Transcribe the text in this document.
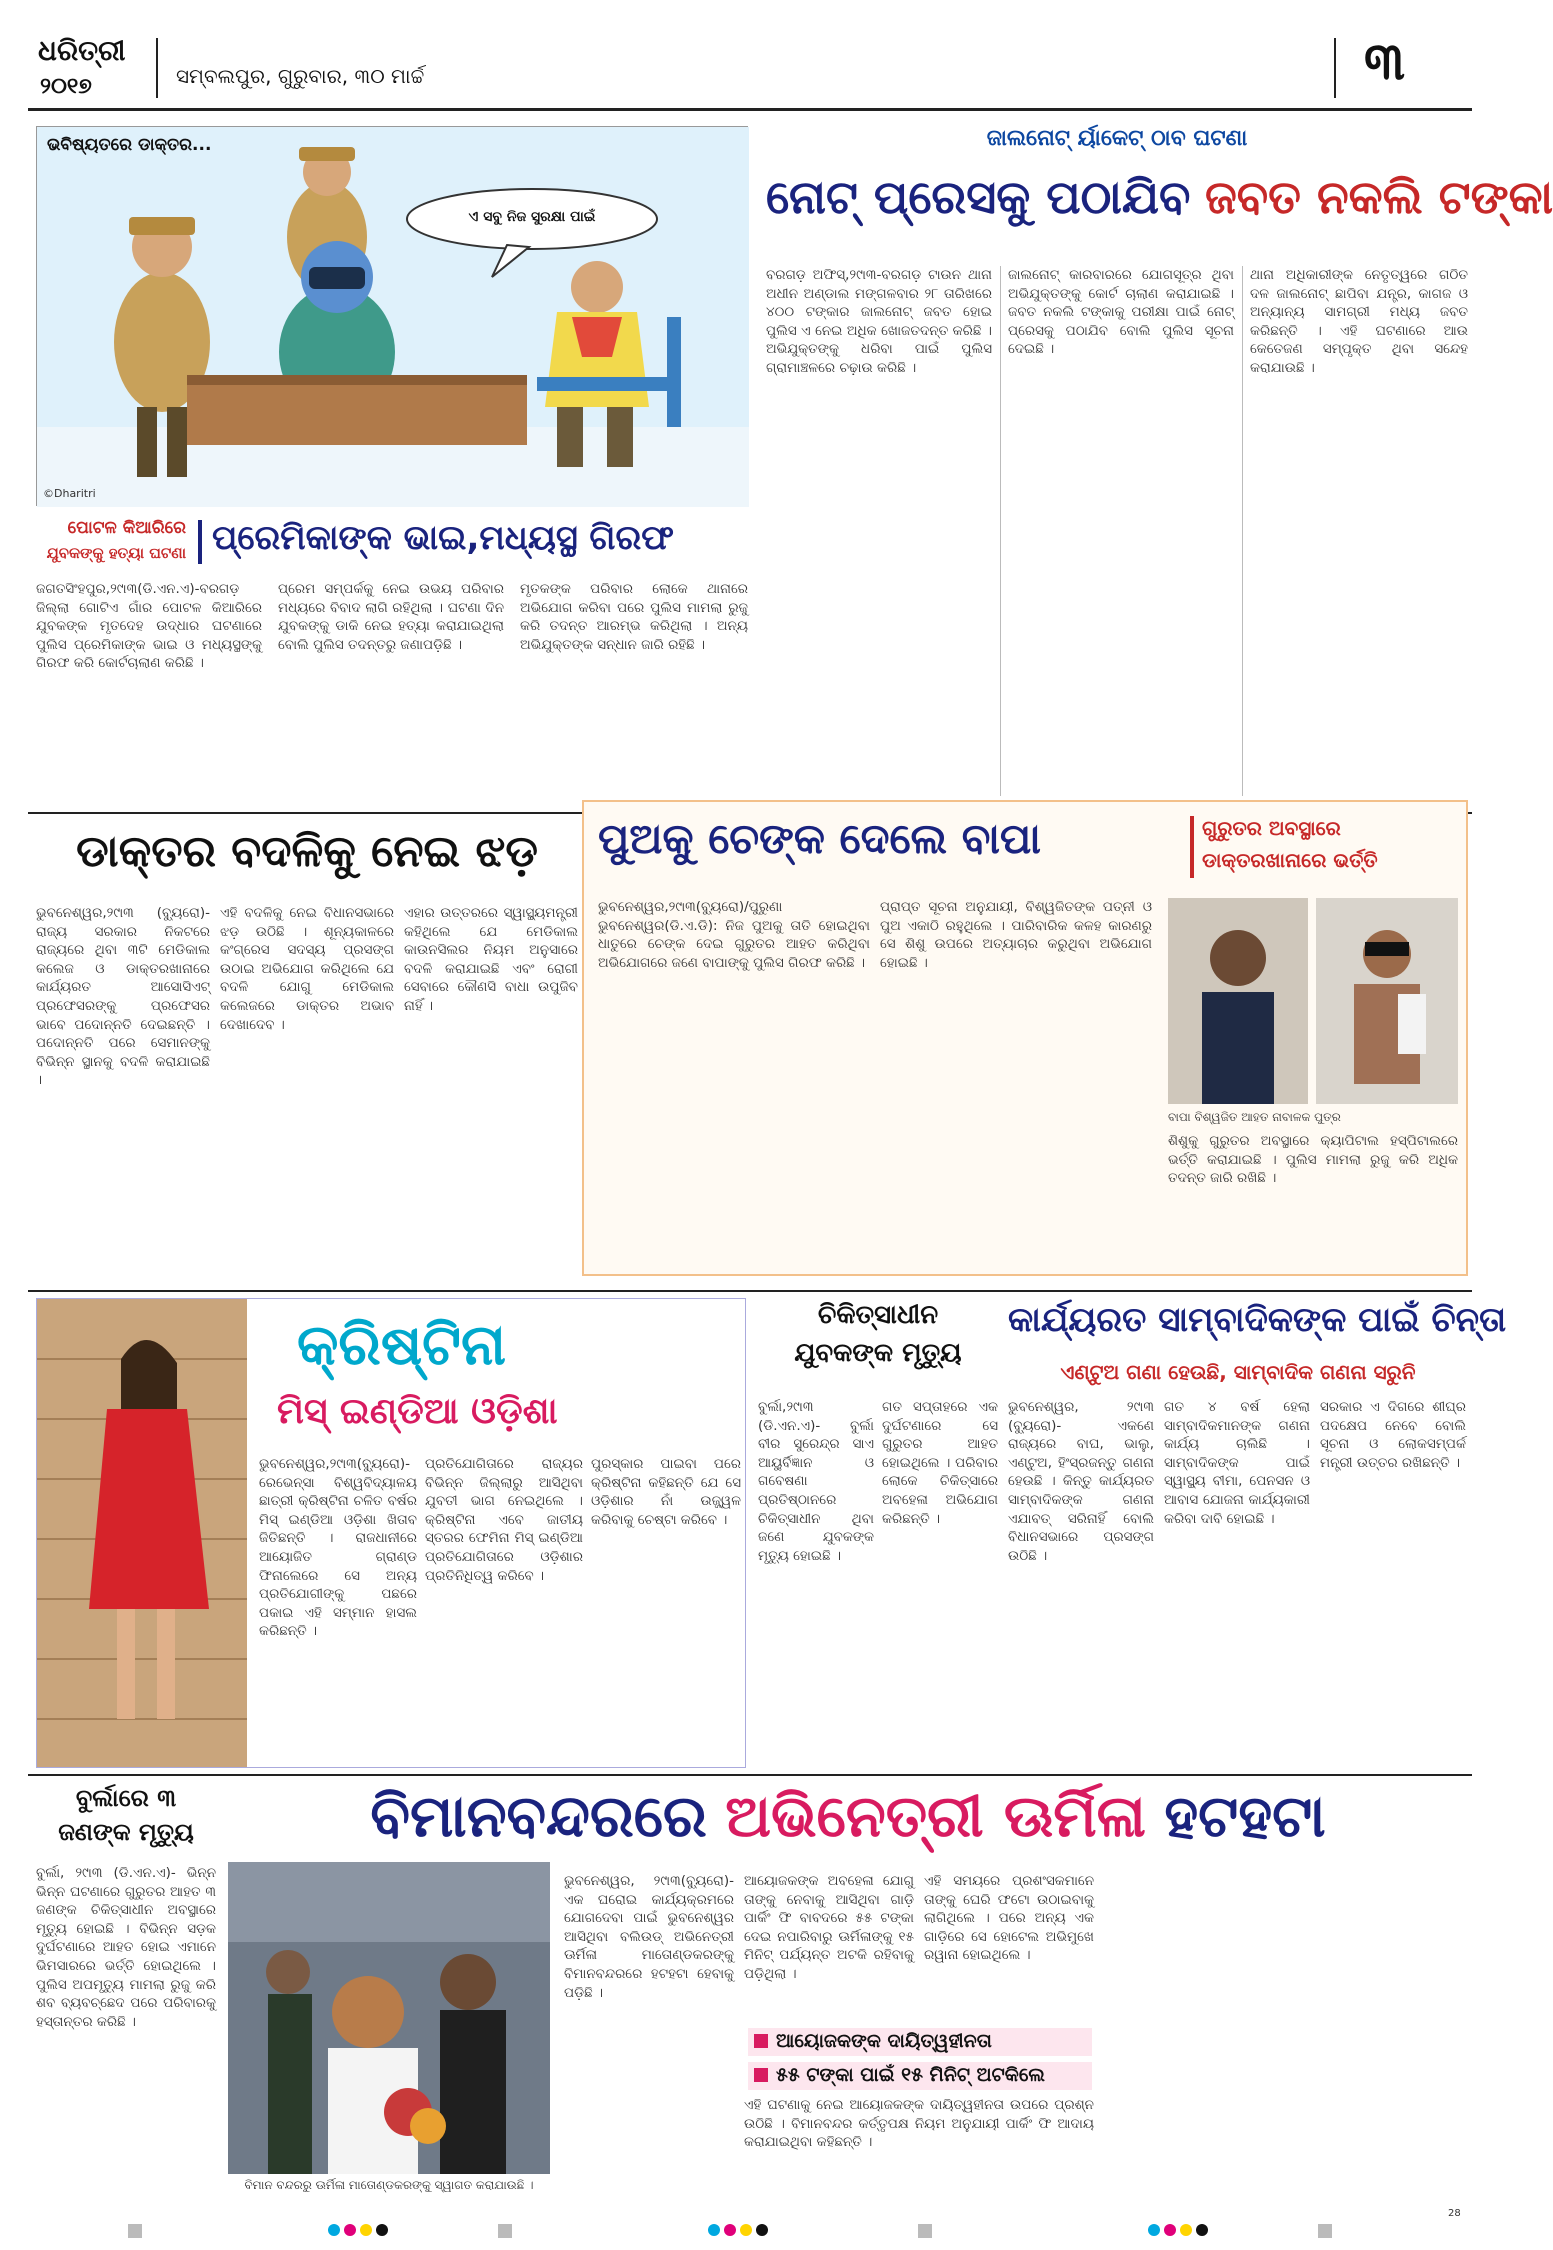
ଧରିତ୍ରୀ
୨୦୧୭	ସମ୍ବଲପୁର, ଗୁରୁବାର, ୩୦ ମାର୍ଚ୍ଚ	୩
ଭବିଷ୍ୟତରେ ଡାକ୍ତର...
ଏ ସବୁ ନିଜ ସୁରକ୍ଷା ପାଇଁ
©Dharitri
ଜାଲନୋଟ୍ ର୍ୟାକେଟ୍ ଠାବ ଘଟଣା
ନୋଟ୍ ପ୍ରେସକୁ ପଠାଯିବ ଜବତ ନକଲି ଟଙ୍କା
ବରଗଡ଼ ଅଫିସ୍,୨୯ା୩-ବରଗଡ଼ ଟାଉନ ଥାନା ଅଧୀନ ଅଣ୍ଡାଲ ମଙ୍ଗଳବାର ୨୮ ତାରିଖରେ ୪୦୦ ଟଙ୍କାର ଜାଲନୋଟ୍ ଜବତ ହୋଇ ପୁଲିସ ଏ ନେଇ ଅଧିକ ଖୋଜତଦନ୍ତ କରିଛି । ଅଭିଯୁକ୍ତଙ୍କୁ ଧରିବା ପାଇଁ ପୁଲିସ ଗ୍ରାମାଞ୍ଚଳରେ ଚଢ଼ାଉ କରିଛି ।
ଜାଲନୋଟ୍ କାରବାରରେ ଯୋଗସୂତ୍ର ଥିବା ଅଭିଯୁକ୍ତଙ୍କୁ କୋର୍ଟ ଚାଲାଣ କରାଯାଇଛି । ଜବତ ନକଲି ଟଙ୍କାକୁ ପରୀକ୍ଷା ପାଇଁ ନୋଟ୍ ପ୍ରେସକୁ ପଠାଯିବ ବୋଲି ପୁଲିସ ସୂଚନା ଦେଇଛି ।
ଥାନା ଅଧିକାରୀଙ୍କ ନେତୃତ୍ୱରେ ଗଠିତ ଦଳ ଜାଲନୋଟ୍ ଛାପିବା ଯନ୍ତ୍ର, କାଗଜ ଓ ଅନ୍ୟାନ୍ୟ ସାମଗ୍ରୀ ମଧ୍ୟ ଜବତ କରିଛନ୍ତି । ଏହି ଘଟଣାରେ ଆଉ କେତେଜଣ ସମ୍ପୃକ୍ତ ଥିବା ସନ୍ଦେହ କରାଯାଉଛି ।
ପୋଟଳ କିଆରିରେ
ଯୁବକଙ୍କୁ ହତ୍ୟା ଘଟଣା ପ୍ରେମିକାଙ୍କ ଭାଇ,ମଧ୍ୟସ୍ଥ ଗିରଫ
ଜଗତସିଂହପୁର,୨୯ା୩(ଡି.ଏନ.ଏ)-ବରଗଡ଼ ଜିଲ୍ଲା ଗୋଟିଏ ଗାଁର ପୋଟଳ କିଆରିରେ ଯୁବକଙ୍କ ମୃତଦେହ ଉଦ୍ଧାର ଘଟଣାରେ ପୁଲିସ ପ୍ରେମିକାଙ୍କ ଭାଇ ଓ ମଧ୍ୟସ୍ଥଙ୍କୁ ଗିରଫ କରି କୋର୍ଟଚାଲାଣ କରିଛି ।
ପ୍ରେମ ସମ୍ପର୍କକୁ ନେଇ ଉଭୟ ପରିବାର ମଧ୍ୟରେ ବିବାଦ ଲାଗି ରହିଥିଲା । ଘଟଣା ଦିନ ଯୁବକଙ୍କୁ ଡାକି ନେଇ ହତ୍ୟା କରାଯାଇଥିଲା ବୋଲି ପୁଲିସ ତଦନ୍ତରୁ ଜଣାପଡ଼ିଛି ।
ମୃତକଙ୍କ ପରିବାର ଲୋକେ ଥାନାରେ ଅଭିଯୋଗ କରିବା ପରେ ପୁଲିସ ମାମଲା ରୁଜୁ କରି ତଦନ୍ତ ଆରମ୍ଭ କରିଥିଲା । ଅନ୍ୟ ଅଭିଯୁକ୍ତଙ୍କ ସନ୍ଧାନ ଜାରି ରହିଛି ।
ଡାକ୍ତର ବଦଳିକୁ ନେଇ ଝଡ଼
ଭୁବନେଶ୍ୱର,୨୯ା୩ (ବ୍ୟୁରୋ)- ରାଜ୍ୟ ସରକାର ନିକଟରେ ରାଜ୍ୟରେ ଥିବା ୩ଟି ମେଡିକାଲ କଲେଜ ଓ ଡାକ୍ତରଖାନାରେ କାର୍ଯ୍ୟରତ ଆସୋସିଏଟ୍ ପ୍ରଫେସରଙ୍କୁ ପ୍ରଫେସର ଭାବେ ପଦୋନ୍ନତି ଦେଇଛନ୍ତି । ପଦୋନ୍ନତି ପରେ ସେମାନଙ୍କୁ ବିଭିନ୍ନ ସ୍ଥାନକୁ ବଦଳି କରାଯାଇଛି ।
ଏହି ବଦଳିକୁ ନେଇ ବିଧାନସଭାରେ ଝଡ଼ ଉଠିଛି । ଶୂନ୍ୟକାଳରେ କଂଗ୍ରେସ ସଦସ୍ୟ ପ୍ରସଙ୍ଗ ଉଠାଇ ଅଭିଯୋଗ କରିଥିଲେ ଯେ ବଦଳି ଯୋଗୁ ମେଡିକାଲ କଲେଜରେ ଡାକ୍ତର ଅଭାବ ଦେଖାଦେବ ।
ଏହାର ଉତ୍ତରରେ ସ୍ୱାସ୍ଥ୍ୟମନ୍ତ୍ରୀ କହିଥିଲେ ଯେ ମେଡିକାଲ କାଉନସିଲର ନିୟମ ଅନୁସାରେ ବଦଳି କରାଯାଇଛି ଏବଂ ରୋଗୀ ସେବାରେ କୌଣସି ବାଧା ଉପୁଜିବ ନାହିଁ ।
ପୁଅକୁ ଚେଙ୍କ ଦେଲେ ବାପା	ଗୁରୁତର ଅବସ୍ଥାରେ
ଡାକ୍ତରଖାନାରେ ଭର୍ତ୍ତି
ଭୁବନେଶ୍ୱର,୨୯ା୩(ବ୍ୟୁରୋ)/ପୁରୁଣା ଭୁବନେଶ୍ୱର(ଡି.ଏ.ଡି): ନିଜ ପୁଅକୁ ତାତି ହୋଇଥିବା ଧାତୁରେ ଚେଙ୍କ ଦେଇ ଗୁରୁତର ଆହତ କରିଥିବା ଅଭିଯୋଗରେ ଜଣେ ବାପାଙ୍କୁ ପୁଲିସ ଗିରଫ କରିଛି ।
ପ୍ରାପ୍ତ ସୂଚନା ଅନୁଯାୟୀ, ବିଶ୍ୱଜିତଙ୍କ ପତ୍ନୀ ଓ ପୁଅ ଏକାଠି ରହୁଥିଲେ । ପାରିବାରିକ କଳହ କାରଣରୁ ସେ ଶିଶୁ ଉପରେ ଅତ୍ୟାଚାର କରୁଥିବା ଅଭିଯୋଗ ହୋଇଛି ।
ବାପା ବିଶ୍ୱଜିତ ଆହତ ନାବାଳକ ପୁତ୍ର
ଶିଶୁକୁ ଗୁରୁତର ଅବସ୍ଥାରେ କ୍ୟାପିଟାଲ ହସ୍ପିଟାଲରେ ଭର୍ତ୍ତି କରାଯାଇଛି । ପୁଲିସ ମାମଲା ରୁଜୁ କରି ଅଧିକ ତଦନ୍ତ ଜାରି ରଖିଛି ।
କ୍ରିଷ୍ଟିନା
ମିସ୍ ଇଣ୍ଡିଆ ଓଡ଼ିଶା
ଭୁବନେଶ୍ୱର,୨୯ା୩(ବ୍ୟୁରୋ)- ରେଭେନ୍ସା ବିଶ୍ୱବିଦ୍ୟାଳୟ ଛାତ୍ରୀ କ୍ରିଷ୍ଟିନା ଚଳିତ ବର୍ଷର ମିସ୍ ଇଣ୍ଡିଆ ଓଡ଼ିଶା ଖିତାବ ଜିତିଛନ୍ତି । ରାଜଧାନୀରେ ଆୟୋଜିତ ଗ୍ରାଣ୍ଡ ଫିନାଲେରେ ସେ ଅନ୍ୟ ପ୍ରତିଯୋଗୀଙ୍କୁ ପଛରେ ପକାଇ ଏହି ସମ୍ମାନ ହାସଲ କରିଛନ୍ତି ।
ପ୍ରତିଯୋଗିତାରେ ରାଜ୍ୟର ବିଭିନ୍ନ ଜିଲ୍ଲାରୁ ଆସିଥିବା ଯୁବତୀ ଭାଗ ନେଇଥିଲେ । କ୍ରିଷ୍ଟିନା ଏବେ ଜାତୀୟ ସ୍ତରର ଫେମିନା ମିସ୍ ଇଣ୍ଡିଆ ପ୍ରତିଯୋଗିତାରେ ଓଡ଼ିଶାର ପ୍ରତିନିଧିତ୍ୱ କରିବେ ।
ପୁରସ୍କାର ପାଇବା ପରେ କ୍ରିଷ୍ଟିନା କହିଛନ୍ତି ଯେ ସେ ଓଡ଼ିଶାର ନାଁ ଉଜ୍ଜ୍ୱଳ କରିବାକୁ ଚେଷ୍ଟା କରିବେ ।
ଚିକିତ୍ସାଧୀନ
ଯୁବକଙ୍କ ମୃତ୍ୟୁ
ବୁର୍ଲା,୨୯ା୩ (ଡି.ଏନ.ଏ)- ବୁର୍ଲା ବୀର ସୁରେନ୍ଦ୍ର ସାଏ ଆୟୁର୍ବିଜ୍ଞାନ ଓ ଗବେଷଣା ପ୍ରତିଷ୍ଠାନରେ ଚିକିତ୍ସାଧୀନ ଥିବା ଜଣେ ଯୁବକଙ୍କ ମୃତ୍ୟୁ ହୋଇଛି ।
ଗତ ସପ୍ତାହରେ ଏକ ଦୁର୍ଘଟଣାରେ ସେ ଗୁରୁତର ଆହତ ହୋଇଥିଲେ । ପରିବାର ଲୋକେ ଚିକିତ୍ସାରେ ଅବହେଳା ଅଭିଯୋଗ କରିଛନ୍ତି ।
କାର୍ଯ୍ୟରତ ସାମ୍ବାଦିକଙ୍କ ପାଇଁ ଚିନ୍ତା
ଏଣ୍ଟୁଅ ଗଣା ହେଉଛି, ସାମ୍ବାଦିକ ଗଣନା ସରୁନି
ଭୁବନେଶ୍ୱର, ୨୯ା୩ (ବ୍ୟୁରୋ)- ଏକଣେ ରାଜ୍ୟରେ ବାଘ, ଭାଲୁ, ଏଣ୍ଟୁଅ, ହିଂସ୍ରଜନ୍ତୁ ଗଣନା ହେଉଛି । କିନ୍ତୁ କାର୍ଯ୍ୟରତ ସାମ୍ବାଦିକଙ୍କ ଗଣନା ଏଯାବତ୍ ସରିନାହିଁ ବୋଲି ବିଧାନସଭାରେ ପ୍ରସଙ୍ଗ ଉଠିଛି ।
ଗତ ୪ ବର୍ଷ ହେଲା ସାମ୍ବାଦିକମାନଙ୍କ ଗଣନା କାର୍ଯ୍ୟ ଚାଲିଛି । ସାମ୍ବାଦିକଙ୍କ ପାଇଁ ସ୍ୱାସ୍ଥ୍ୟ ବୀମା, ପେନସନ ଓ ଆବାସ ଯୋଜନା କାର୍ଯ୍ୟକାରୀ କରିବା ଦାବି ହୋଇଛି ।
ସରକାର ଏ ଦିଗରେ ଶୀଘ୍ର ପଦକ୍ଷେପ ନେବେ ବୋଲି ସୂଚନା ଓ ଲୋକସମ୍ପର୍କ ମନ୍ତ୍ରୀ ଉତ୍ତର ରଖିଛନ୍ତି ।
ବୁର୍ଲାରେ ୩
ଜଣଙ୍କ ମୃତ୍ୟୁ
ବୁର୍ଲା, ୨୯ା୩ (ଡି.ଏନ.ଏ)- ଭିନ୍ନ ଭିନ୍ନ ଘଟଣାରେ ଗୁରୁତର ଆହତ ୩ ଜଣଙ୍କ ଚିକିତ୍ସାଧୀନ ଅବସ୍ଥାରେ ମୃତ୍ୟୁ ହୋଇଛି । ବିଭିନ୍ନ ସଡ଼କ ଦୁର୍ଘଟଣାରେ ଆହତ ହୋଇ ଏମାନେ ଭିମସାରରେ ଭର୍ତ୍ତି ହୋଇଥିଲେ । ପୁଲିସ ଅପମୃତ୍ୟୁ ମାମଲା ରୁଜୁ କରି ଶବ ବ୍ୟବଚ୍ଛେଦ ପରେ ପରିବାରକୁ ହସ୍ତାନ୍ତର କରିଛି ।
ବିମାନବନ୍ଦରରେ ଅଭିନେତ୍ରୀ ଊର୍ମିଳା ହଟହଟା
ବିମାନ ବନ୍ଦରରୁ ଊର୍ମିଳା ମାତୋଣ୍ଡକରଙ୍କୁ ସ୍ୱାଗତ କରାଯାଉଛି ।
ଭୁବନେଶ୍ୱର, ୨୯ା୩(ବ୍ୟୁରୋ)- ଏକ ଘରୋଇ କାର୍ଯ୍ୟକ୍ରମରେ ଯୋଗଦେବା ପାଇଁ ଭୁବନେଶ୍ୱର ଆସିଥିବା ବଲିଉଡ୍ ଅଭିନେତ୍ରୀ ଊର୍ମିଳା ମାତୋଣ୍ଡକରଙ୍କୁ ବିମାନବନ୍ଦରରେ ହଟହଟା ହେବାକୁ ପଡ଼ିଛି ।
ଆୟୋଜକଙ୍କ ଅବହେଳା ଯୋଗୁ ତାଙ୍କୁ ନେବାକୁ ଆସିଥିବା ଗାଡ଼ି ପାର୍କିଂ ଫି ବାବଦରେ ୫୫ ଟଙ୍କା ଦେଇ ନପାରିବାରୁ ଊର୍ମିଳାଙ୍କୁ ୧୫ ମିନିଟ୍ ପର୍ଯ୍ୟନ୍ତ ଅଟକି ରହିବାକୁ ପଡ଼ିଥିଲା ।
ଏହି ସମୟରେ ପ୍ରଶଂସକମାନେ ତାଙ୍କୁ ଘେରି ଫଟୋ ଉଠାଇବାକୁ ଲାଗିଥିଲେ । ପରେ ଅନ୍ୟ ଏକ ଗାଡ଼ିରେ ସେ ହୋଟେଲ ଅଭିମୁଖେ ରୱାନା ହୋଇଥିଲେ ।
ଆୟୋଜକଙ୍କ ଦାୟିତ୍ୱହୀନତା
୫୫ ଟଙ୍କା ପାଇଁ ୧୫ ମିନିଟ୍ ଅଟକିଲେ
ଏହି ଘଟଣାକୁ ନେଇ ଆୟୋଜକଙ୍କ ଦାୟିତ୍ୱହୀନତା ଉପରେ ପ୍ରଶ୍ନ ଉଠିଛି । ବିମାନବନ୍ଦର କର୍ତ୍ତୃପକ୍ଷ ନିୟମ ଅନୁଯାୟୀ ପାର୍କିଂ ଫି ଆଦାୟ କରାଯାଇଥିବା କହିଛନ୍ତି ।
28
